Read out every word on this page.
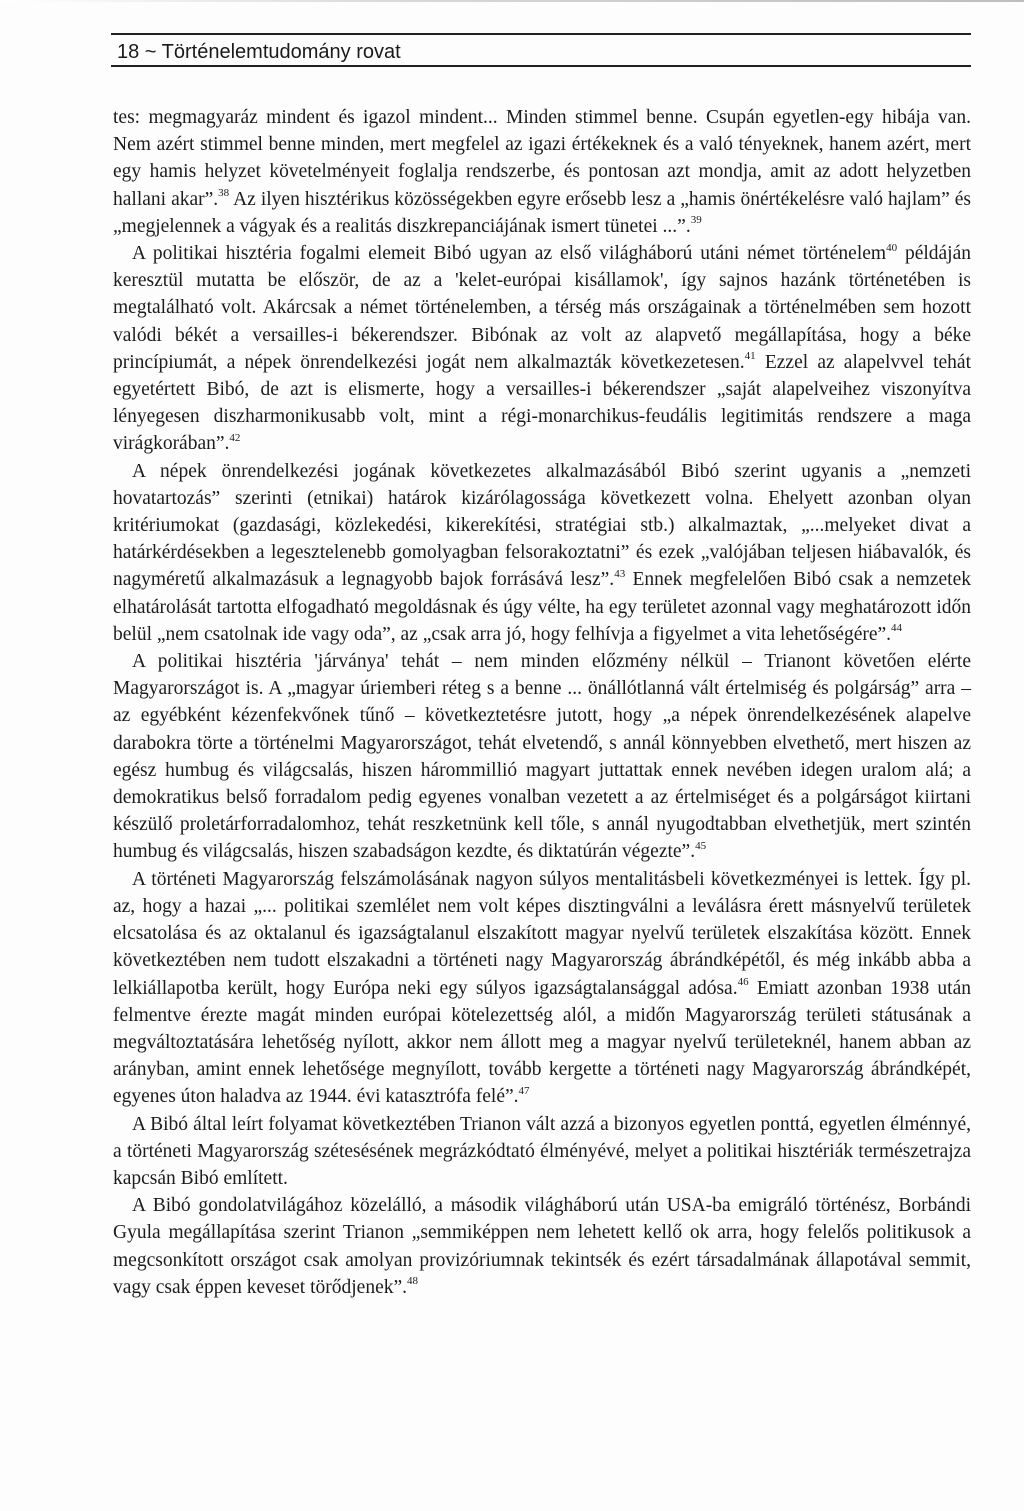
18 ~ Történelemtudomány rovat

tes: megmagyaráz mindent és igazol mindent... Minden stimmel benne. Csupán egyetlen-egy hibája van. Nem azért stimmel benne minden, mert megfelel az igazi értékeknek és a való tényeknek, hanem azért, mert egy hamis helyzet követelményeit foglalja rendszerbe, és pontosan azt mondja, amit az adott helyzetben hallani akar”.$^{38}$ Az ilyen hisztérikus közösségekben egyre erősebb lesz a „hamis önértékelésre való hajlam” és „megjelennek a vágyak és a realitás diszkrepanciájának ismert tünetei ...”.$^{39}$

A politikai hisztéria fogalmi elemeit Bibó ugyan az első világháború utáni német történelem$^{40}$ példáján keresztül mutatta be először, de az a 'kelet-európai kisállamok', így sajnos hazánk történetében is megtalálható volt. Akárcsak a német történelemben, a térség más országainak a történelmében sem hozott valódi békét a versailles-i békerendszer. Bibónak az volt az alapvető megállapítása, hogy a béke princípiumát, a népek önrendelkezési jogát nem alkalmazták következetesen.$^{41}$ Ezzel az alapelvvel tehát egyetértett Bibó, de azt is elismerte, hogy a versailles-i békerendszer „saját alapelveihez viszonyítva lényegesen diszharmonikusabb volt, mint a régi-monarchikus-feudális legitimitás rendszere a maga virágkorában”.$^{42}$

A népek önrendelkezési jogának következetes alkalmazásából Bibó szerint ugyanis a „nemzeti hovatartozás” szerinti (etnikai) határok kizárólagossága következett volna. Ehelyett azonban olyan kritériumokat (gazdasági, közlekedési, kikerekítési, stratégiai stb.) alkalmaztak, „...melyeket divat a határkérdésekben a legesztelenebb gomolyagban felsorakoztatni” és ezek „valójában teljesen hiábavalók, és nagyméretű alkalmazásuk a legnagyobb bajok forrásává lesz”.$^{43}$ Ennek megfelelően Bibó csak a nemzetek elhatárolását tartotta elfogadható megoldásnak és úgy vélte, ha egy területet azonnal vagy meghatározott időn belül „nem csatolnak ide vagy oda”, az „csak arra jó, hogy felhívja a figyelmet a vita lehetőségére”.$^{44}$

A politikai hisztéria 'járványa' tehát – nem minden előzmény nélkül – Trianont követően elérte Magyarországot is. A „magyar úriemberi réteg s a benne ... önállótlanná vált értelmiség és polgárság” arra – az egyébként kézenfekvőnek tűnő – következtetésre jutott, hogy „a népek önrendelkezésének alapelve darabokra törte a történelmi Magyarországot, tehát elvetendő, s annál könnyebben elvethető, mert hiszen az egész humbug és világcsalás, hiszen hárommillió magyart juttattak ennek nevében idegen uralom alá; a demokratikus belső forradalom pedig egyenes vonalban vezetett a az értelmiséget és a polgárságot kiirtani készülő proletárforradalomhoz, tehát reszketnünk kell tőle, s annál nyugodtabban elvethetjük, mert szintén humbug és világcsalás, hiszen szabadságon kezdte, és diktatúrán végezte”.$^{45}$

A történeti Magyarország felszámolásának nagyon súlyos mentalitásbeli következményei is lettek. Így pl. az, hogy a hazai „... politikai szemlélet nem volt képes disztingválni a leválásra érett másnyelvű területek elcsatolása és az oktalanul és igazságtalanul elszakított magyar nyelvű területek elszakítása között. Ennek következtében nem tudott elszakadni a történeti nagy Magyarország ábrándképétől, és még inkább abba a lelkiállapotba került, hogy Európa neki egy súlyos igazságtalansággal adósa.$^{46}$ Emiatt azonban 1938 után felmentve érezte magát minden európai kötelezettség alól, a midőn Magyarország területi státusának a megváltoztatására lehetőség nyílott, akkor nem állott meg a magyar nyelvű területeknél, hanem abban az arányban, amint ennek lehetősége megnyílott, tovább kergette a történeti nagy Magyarország ábrándképét, egyenes úton haladva az 1944. évi katasztrófa felé”.$^{47}$

A Bibó által leírt folyamat következtében Trianon vált azzá a bizonyos egyetlen ponttá, egyetlen élménnyé, a történeti Magyarország szétesésének megrázkódtató élményévé, melyet a politikai hisztériák természetrajza kapcsán Bibó említett.

A Bibó gondolatvilágához közelálló, a második világháború után USA-ba emigráló történész, Borbándi Gyula megállapítása szerint Trianon „semmiképpen nem lehetett kellő ok arra, hogy felelős politikusok a megcsonkított országot csak amolyan provizóriumnak tekintsék és ezért társadalmának állapotával semmit, vagy csak éppen keveset törődjenek”.$^{48}$
